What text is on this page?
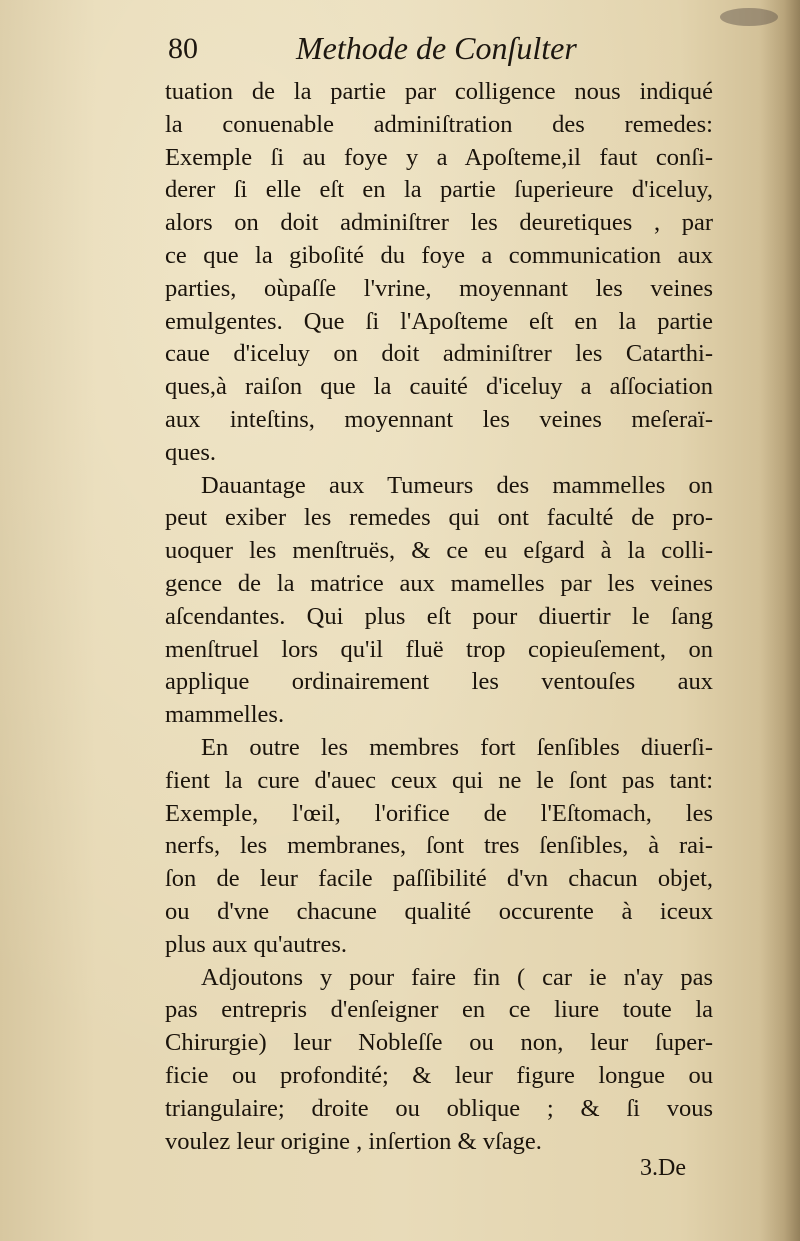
80	Methode de Conſulter
tuation de la partie par colligence nous indiqué
la conuenable adminiſtration des remedes:
Exemple ſi au foye y a Apoſteme,il faut conſi-
derer ſi elle eſt en la partie ſuperieure d'iceluy,
alors on doit adminiſtrer les deuretiques , par
ce que la giboſité du foye a communication aux
parties, oùpaſſe l'vrine, moyennant les veines
emulgentes. Que ſi l'Apoſteme eſt en la partie
caue d'iceluy on doit adminiſtrer les Catarthi-
ques,à raiſon que la cauité d'iceluy a aſſociation
aux inteſtins, moyennant les veines meſeraï-
ques.
Dauantage aux Tumeurs des mammelles on
peut exiber les remedes qui ont faculté de pro-
uoquer les menſtruës, & ce eu eſgard à la colli-
gence de la matrice aux mamelles par les veines
aſcendantes. Qui plus eſt pour diuertir le ſang
menſtruel lors qu'il fluë trop copieuſement, on
applique ordinairement les ventouſes aux
mammelles.
En outre les membres fort ſenſibles diuerſi-
fient la cure d'auec ceux qui ne le ſont pas tant:
Exemple, l'œil, l'orifice de l'Eſtomach, les
nerfs, les membranes, ſont tres ſenſibles, à rai-
ſon de leur facile paſſibilité d'vn chacun objet,
ou d'vne chacune qualité occurente à iceux
plus aux qu'autres.
Adjoutons y pour faire fin ( car ie n'ay pas
pas entrepris d'enſeigner en ce liure toute la
Chirurgie) leur Nobleſſe ou non, leur ſuper-
ficie ou profondité; & leur figure longue ou
triangulaire; droite ou oblique ; & ſi vous
voulez leur origine , inſertion & vſage.
3.De
